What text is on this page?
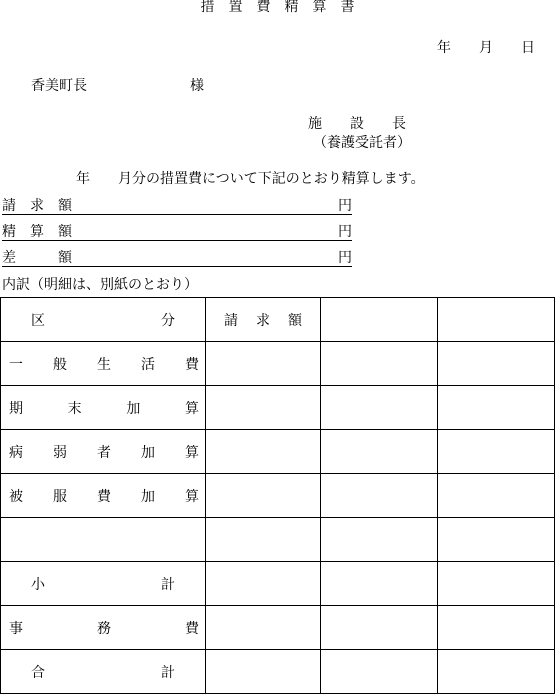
措　置　費　精　算　書
年　　月　　日
香美町長	様
施　　設　　長
（養護受託者）
年　　月分の措置費について下記のとおり精算します。
請　求　額	円
精　算　額	円
差　　　額	円
内訳（明細は、別紙のとおり）
区 分	請 求 額		

一 般 生 活 費			

期 末 加 算			

病 弱 者 加 算			

被 服 費 加 算			

小 計			

事 務 費			

合 計			
